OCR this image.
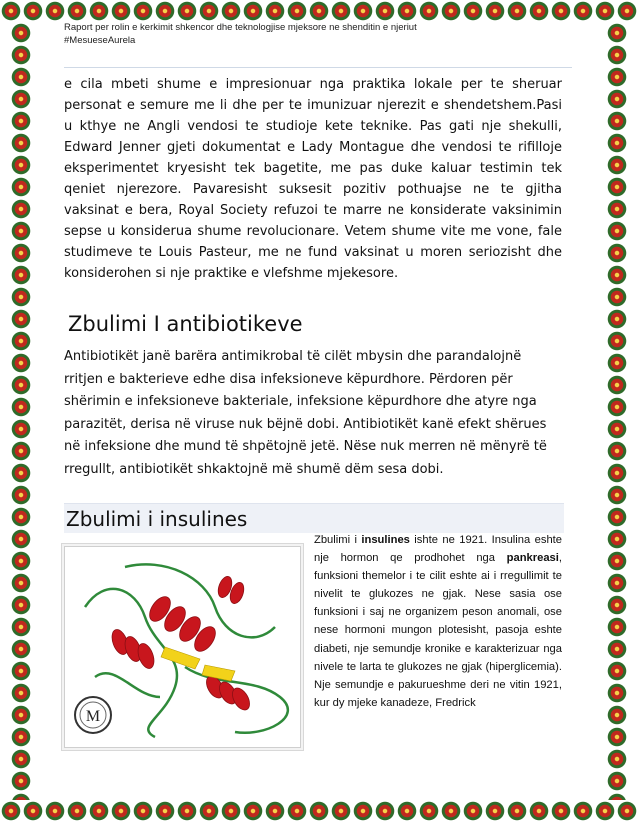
Raport per rolin e kerkimit shkencor dhe teknologjise mjeksore ne shenditin e njeriut
#MesueseAurela

e cila mbeti shume e impresionuar nga praktika lokale per te sheruar personat e semure me li dhe per te imunizuar njerezit e shendetshem.Pasi u kthye ne Angli vendosi te studioje kete teknike. Pas gati nje shekulli, Edward Jenner gjeti dokumentat e Lady Montague dhe vendosi te rifilloje eksperimentet kryesisht tek bagetite, me pas duke kaluar testimin tek qeniet njerezore. Pavaresisht suksesit pozitiv pothuajse ne te gjitha vaksinat e bera, Royal Society refuzoi te marre ne konsiderate vaksinimin sepse u konsiderua shume revolucionare. Vetem shume vite me vone, fale studimeve te Louis Pasteur, me ne fund vaksinat u moren seriozisht dhe konsiderohen si nje praktike e vlefshme mjekesore.

Zbulimi I antibiotikeve

Antibiotikët janë barëra antimikrobal të cilët mbysin dhe parandalojnë rritjen e bakterieve edhe disa infeksioneve këpurdhore. Përdoren për shërimin e infeksioneve bakteriale, infeksione këpurdhore dhe atyre nga parazitët, derisa në viruse nuk bëjnë dobi. Antibiotikët kanë efekt shërues në infeksione dhe mund të shpëtojnë jetë. Nëse nuk merren në mënyrë të rregullt, antibiotikët shkaktojnë më shumë dëm sesa dobi.

Zbulimi i insulines
M

Zbulimi i insulines ishte ne 1921. Insulina eshte nje hormon qe prodhohet nga pankreasi, funksioni themelor i te cilit eshte ai i rregullimit te nivelit te glukozes ne gjak. Nese sasia ose funksioni i saj ne organizem peson anomali, ose nese hormoni mungon plotesisht, pasoja eshte diabeti, nje semundje kronike e karakterizuar nga nivele te larta te glukozes ne gjak (hiperglicemia). Nje semundje e pakurueshme deri ne vitin 1921, kur dy mjeke kanadeze, Fredrick
